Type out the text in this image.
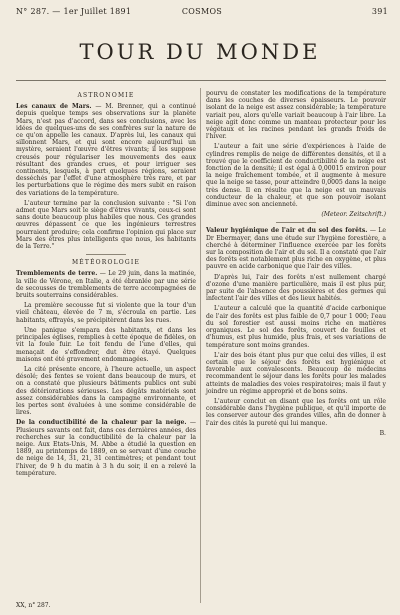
N° 287. — 1er Juillet 1891	COSMOS	391
TOUR DU MONDE
ASTRONOMIE

Les canaux de Mars. — M. Brenner, qui a continué depuis quelque temps ses observations sur la planète Mars, n'est pas d'accord, dans ses conclusions, avec les idées de quelques-uns de ses confrères sur la nature de ce qu'on appelle les canaux. D'après lui, les canaux qui sillonnent Mars, et qui sont encore aujourd'hui un mystère, seraient l'œuvre d'êtres vivants; il les suppose creusés pour régulariser les mouvements des eaux résultant des grandes crues, et pour irriguer ses continents, lesquels, à part quelques régions, seraient desséchés par l'effet d'une atmosphère très rare, et par les perturbations que le régime des mers subit en raison des variations de la température.

L'auteur termine par la conclusion suivante : "Si l'on admet que Mars soit le siège d'êtres vivants, ceux-ci sont sans doute beaucoup plus habiles que nous. Ces grandes œuvres dépassent ce que les ingénieurs terrestres pourraient produire; cela confirme l'opinion qui place sur Mars des êtres plus intelligents que nous, les habitants de la Terre."

MÉTÉOROLOGIE

Tremblements de terre. — Le 29 juin, dans la matinée, la ville de Vérone, en Italie, a été ébranlée par une série de secousses de tremblements de terre accompagnées de bruits souterrains considérables.

La première secousse fut si violente que la tour d'un vieil château, élevée de 7 m, s'écroula en partie. Les habitants, effrayés, se précipitèrent dans les rues.

Une panique s'empara des habitants, et dans les principales églises, remplies à cette époque de fidèles, on vit la foule fuir. Le toit fendu de l'une d'elles, qui menaçait de s'effondrer, dut être étayé. Quelques maisons ont été gravement endommagées.

La cité présente encore, à l'heure actuelle, un aspect désolé; des fentes se voient dans beaucoup de murs, et on a constaté que plusieurs bâtiments publics ont subi des détériorations sérieuses. Les dégâts matériels sont assez considérables dans la campagne environnante, et les pertes sont évaluées à une somme considérable de lires.

De la conductibilité de la chaleur par la neige. — Plusieurs savants ont fait, dans ces dernières années, des recherches sur la conductibilité de la chaleur par la neige. Aux Etats-Unis, M. Abbe a étudié la question en 1889, au printemps de 1889, en se servant d'une couche de neige de 14, 31, 21, 31 centimètres; et pendant tout l'hiver, de 9 h du matin à 3 h du soir, il en a relevé la température.

XX, n° 287.

pourvu de constater les modifications de la température dans les couches de diverses épaisseurs. Le pouvoir isolant de la neige est assez considérable; la température variait peu, alors qu'elle variait beaucoup à l'air libre. La neige agit donc comme un manteau protecteur pour les végétaux et les racines pendant les grands froids de l'hiver.

L'auteur a fait une série d'expériences à l'aide de cylindres remplis de neige de différentes densités, et il a trouvé que le coefficient de conductibilité de la neige est fonction de la densité; il est égal à 0,00015 environ pour la neige fraîchement tombée, et il augmente à mesure que la neige se tasse, pour atteindre 0,0005 dans la neige très dense. Il en résulte que la neige est un mauvais conducteur de la chaleur, et que son pouvoir isolant diminue avec son ancienneté.

(Meteor. Zeitschrift.)

Valeur hygiénique de l'air et du sol des forêts. — Le Dr Ebermayer, dans une étude sur l'hygiène forestière, a cherché à déterminer l'influence exercée par les forêts sur la composition de l'air et du sol. Il a constaté que l'air des forêts est notablement plus riche en oxygène, et plus pauvre en acide carbonique que l'air des villes.

D'après lui, l'air des forêts n'est nullement chargé d'ozone d'une manière particulière, mais il est plus pur, par suite de l'absence des poussières et des germes qui infectent l'air des villes et des lieux habités.

L'auteur a calculé que la quantité d'acide carbonique de l'air des forêts est plus faible de 0,7 pour 1 000; l'eau du sol forestier est aussi moins riche en matières organiques. Le sol des forêts, couvert de feuilles et d'humus, est plus humide, plus frais, et ses variations de température sont moins grandes.

L'air des bois étant plus pur que celui des villes, il est certain que le séjour des forêts est hygiénique et favorable aux convalescents. Beaucoup de médecins recommandent le séjour dans les forêts pour les malades atteints de maladies des voies respiratoires; mais il faut y joindre un régime approprié et de bons soins.

L'auteur conclut en disant que les forêts ont un rôle considérable dans l'hygiène publique, et qu'il importe de les conserver autour des grandes villes, afin de donner à l'air des cités la pureté qui lui manque.

B.
